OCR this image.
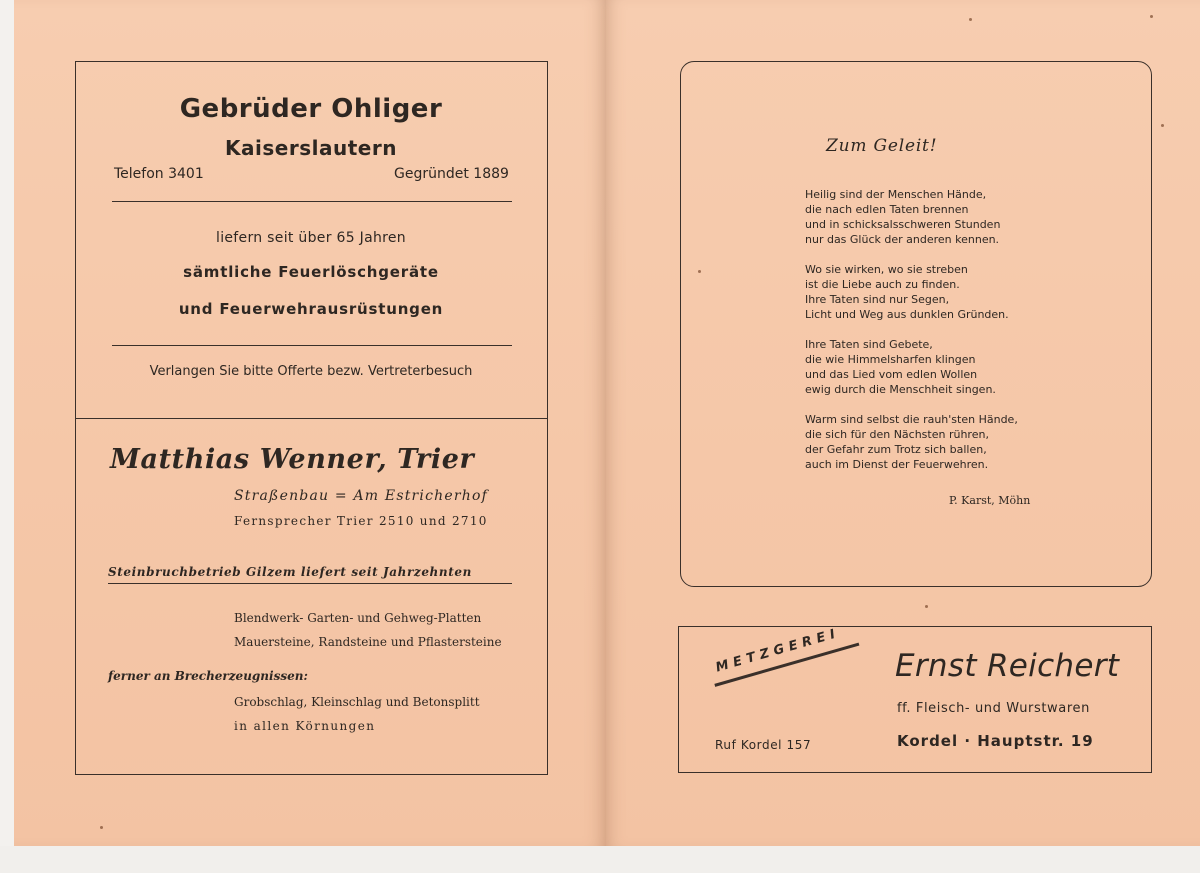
Gebrüder Ohliger
Kaiserslautern
Telefon 3401	Gegründet 1889
liefern seit über 65 Jahren
sämtliche Feuerlöschgeräte
und Feuerwehrausrüstungen
Verlangen Sie bitte Offerte bezw. Vertreterbesuch
Matthias Wenner, Trier
Straßenbau = Am Estricherhof
Fernsprecher Trier 2510 und 2710
Steinbruchbetrieb Gilzem liefert seit Jahrzehnten
Blendwerk- Garten- und Gehweg-Platten
Mauersteine, Randsteine und Pflastersteine
ferner an Brecherzeugnissen:
Grobschlag, Kleinschlag und Betonsplitt
in allen Körnungen
Zum Geleit!
Heilig sind der Menschen Hände,
die nach edlen Taten brennen
und in schicksalsschweren Stunden
nur das Glück der anderen kennen.
Wo sie wirken, wo sie streben
ist die Liebe auch zu finden.
Ihre Taten sind nur Segen,
Licht und Weg aus dunklen Gründen.
Ihre Taten sind Gebete,
die wie Himmelsharfen klingen
und das Lied vom edlen Wollen
ewig durch die Menschheit singen.
Warm sind selbst die rauh'sten Hände,
die sich für den Nächsten rühren,
der Gefahr zum Trotz sich ballen,
auch im Dienst der Feuerwehren.
P. Karst, Möhn
METZGEREI Ernst Reichert
ff. Fleisch- und Wurstwaren
Ruf Kordel 157	Kordel · Hauptstr. 19
